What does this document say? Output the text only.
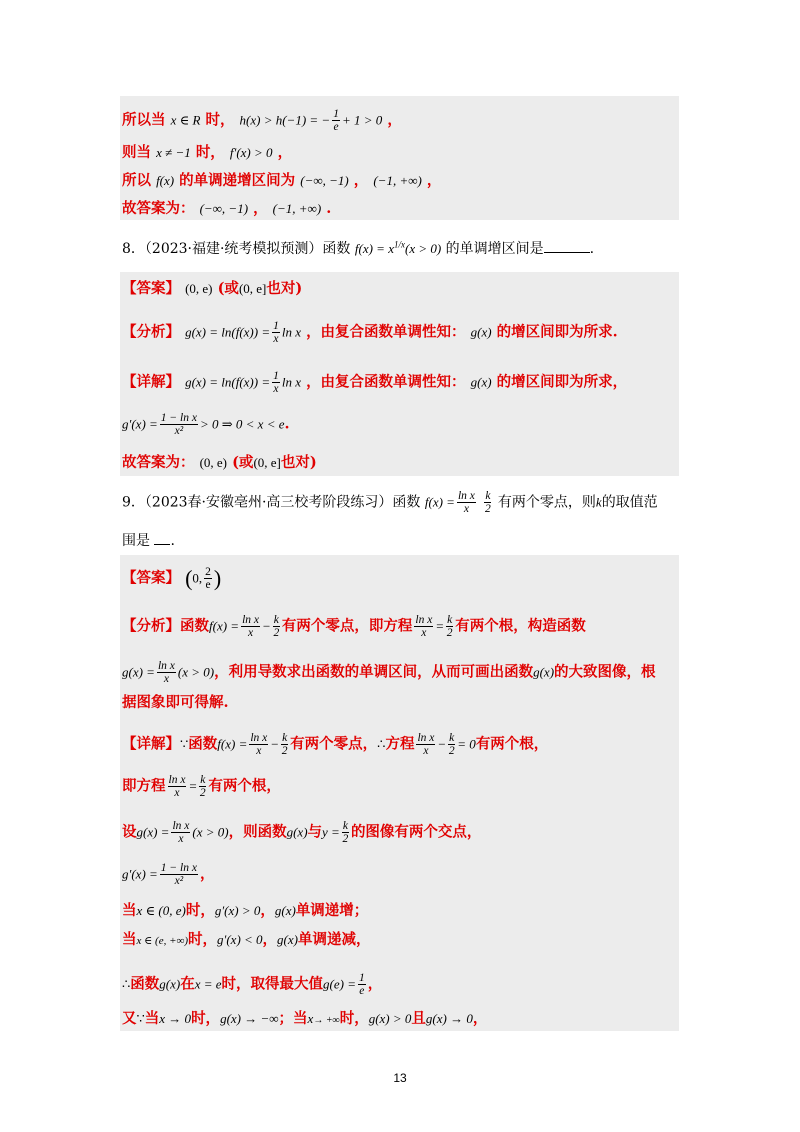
所以当 x ∈ R 时， h(x) > h(−1) = − $\frac{1}{e} + 1 > 0$ ，
则当 x ≠ −1 时， f′(x) > 0 ，
所以 f(x) 的单调递增区间为 (−∞, −1) ， (−1, +∞) ，
故答案为： (−∞, −1) ， (−1, +∞) .
8．（2023·福建·统考模拟预测）函数 $f(x) = x^{1/x}(x > 0)$ 的单调增区间是	.
【答案】 (0, e) (或(0, e]也对)
【分析】 $g(x) = \ln(f(x)) = \frac{1}{x}$ ln x ，由复合函数单调性知： g(x) 的增区间即为所求.
【详解】 $g(x) = \ln(f(x)) = \frac{1}{x}$ ln x ，由复合函数单调性知： g(x) 的增区间即为所求，
$g'(x) = \frac{\text{1 − ln x}}{\text{x²}} > 0$ ⇒ 0 < x < e.
故答案为： (0, e) (或(0, e]也对)
9．（2023春·安徽亳州·高三校考阶段练习）函数 $f(x) = \frac{\text{ln x}}{x}$
$\frac{k}{2}$ 有两个零点，则k的取值范
围是 .
【答案】 (0, $\frac{2}{e}$ )
【分析】函数$f(x) = \frac{\text{ln x}}{x} - \frac{k}{2}$ 有两个零点，即方程 $\frac{\text{ln x}}{x} = \frac{k}{2}$ 有两个根，构造函数
$g(x) = \frac{\text{ln x}}{x} (x > 0)$，利用导数求出函数的单调区间，从而可画出函数g(x)的大致图像，根
据图象即可得解.
【详解】∵函数$f(x) = \frac{\text{ln x}}{x} - \frac{k}{2}$ 有两个零点，∴方程 $\frac{\text{ln x}}{x} - \frac{k}{2} = 0$有两个根，
即方程 $\frac{\text{ln x}}{x} = \frac{k}{2}$ 有两个根，
设$g(x) = \frac{\text{ln x}}{x} (x > 0)$，则函数g(x)与$y = \frac{k}{2}$ 的图像有两个交点，
$g'(x) = \frac{\text{1 − ln x}}{\text{x²}}$ ，
当x ∈ (0, e)时，g′(x) > 0，g(x)单调递增；
当x ∈ (e, +∞)时，g′(x) < 0，g(x)单调递减，
∴函数g(x)在x = e时，取得最大值$g(e) = \frac{1}{e}$ ，
又∵当x → 0时，g(x) → −∞；当x→ +∞时，g(x) > 0且g(x) → 0，
13
